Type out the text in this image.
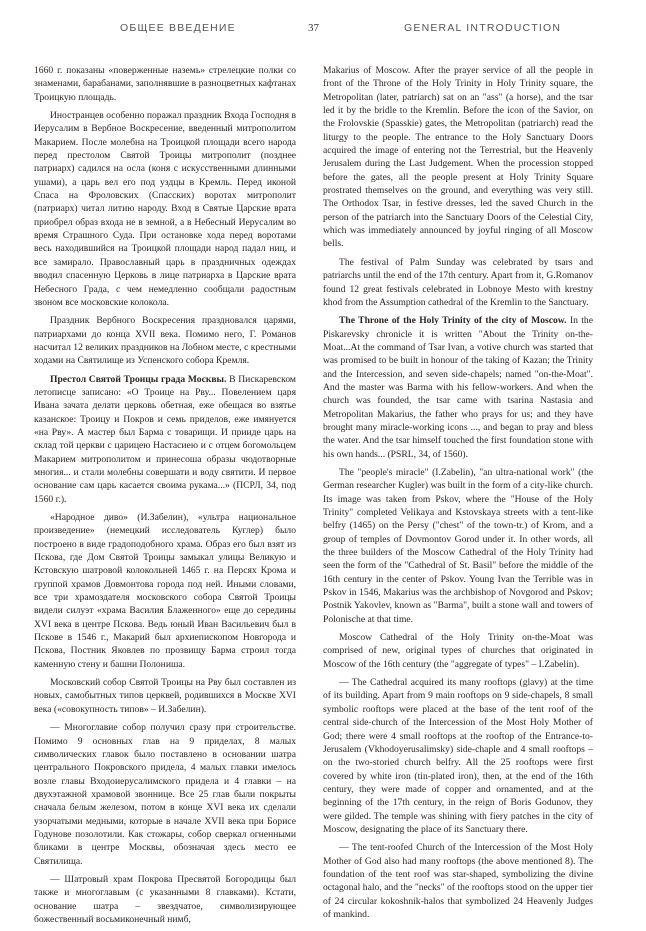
ОБЩЕЕ ВВЕДЕНИЕ	37	GENERAL INTRODUCTION

1660 г. показаны «поверженные наземь» стрелецкие полки со знаменами, барабанами, заполнявшие в разноцветных кафтанах Троицкую площадь.

Иностранцев особенно поражал праздник Входа Господня в Иерусалим в Вербное Воскресение, введенный митрополитом Макарием. После молебна на Троицкой площади всего народа перед престолом Святой Троицы митрополит (позднее патриарх) садился на осла (коня с искусственными длинными ушами), а царь вел его под уздцы в Кремль. Перед иконой Спаса на Фроловских (Спасских) воротах митрополит (патриарх) читал литию народу. Вход в Святые Царские врата приобрел образ входа не в земной, а в Небесный Иерусалим во время Страшного Суда. При остановке хода перед воротами весь находившийся на Троицкой площади народ падал ниц, и все замирало. Православный царь в праздничных одеждах вводил спасенную Церковь в лице патриарха в Царские врата Небесного Града, с чем немедленно сообщали радостным звоном все московские колокола.

Праздник Вербного Воскресения праздновался царями, патриархами до конца XVII века. Помимо него, Г. Романов насчитал 12 великих праздников на Лобном месте, с крестными ходами на Святилище из Успенского собора Кремля.

Престол Святой Троицы града Москвы. В Пискаревском летописце записано: «О Троице на Рву... Повелением царя Ивана зачата делати церковь обетная, еже обещася во взятье казанское: Троицу и Покров и семь приделов, еже имянуется «на Рву». А мастер был Барма с товарищи. И прииде царь на склад той церкви с царицею Настасиею и с отцем богомольцем Макарием митрополитом и принесоша образы чюдотворные многия... и стали молебны совершати и воду святити. И первое основание сам царь касается своима рукама...» (ПСРЛ, 34, под 1560 г.).

«Народное диво» (И.Забелин), «ультра национальное произведение» (немецкий исследователь Куглер) было построено в виде градоподобного храма. Образ его был взят из Пскова, где Дом Святой Троицы замыкал улицы Великую и Кстовскую шатровой колокольней 1465 г. на Персях Крома и группой храмов Довмонтова города под ней. Иными словами, все три храмоздателя московского собора Святой Троицы видели силуэт «храма Василия Блаженного» еще до середины XVI века в центре Пскова. Ведь юный Иван Васильевич был в Пскове в 1546 г., Макарий был архиепископом Новгорода и Пскова, Постник Яковлев по прозвищу Барма строил тогда каменную стену и башни Полониша.

Московский собор Святой Троицы на Рву был составлен из новых, самобытных типов церквей, родившихся в Москве XVI века («совокупность типов» – И.Забелин).

— Многоглавие собор получил сразу при строительстве. Помимо 9 основных глав на 9 приделах, 8 малых символических главок было поставлено в основании шатра центрального Покровского придела, 4 малых главки имелось возле главы Входоиерусалимского придела и 4 главки – на двухэтажной храмовой звоннице. Все 25 глав были покрыты сначала белым железом, потом в конце XVI века их сделали узорчатыми медными, которые в начале XVII века при Борисе Годунове позолотили. Как стожары, собор сверкал огненными бликами в центре Москвы, обозначая здесь место ее Святилища.

— Шатровый храм Покрова Пресвятой Богородицы был также и многоглавым (с указанными 8 главками). Кстати, основание шатра – звездчатое, символизирующее божественный восьмиконечный нимб,

Makarius of Moscow. After the prayer service of all the people in front of the Throne of the Holy Trinity in Holy Trinity square, the Metropolitan (later, patriarch) sat on an "ass" (a horse), and the tsar led it by the bridle to the Kremlin. Before the icon of the Savior, on the Frolovskie (Spasskie) gates, the Metropolitan (patriarch) read the liturgy to the people. The entrance to the Holy Sanctuary Doors acquired the image of entering not the Terrestrial, but the Heavenly Jerusalem during the Last Judgement. When the procession stopped before the gates, all the people present at Holy Trinity Square prostrated themselves on the ground, and everything was very still. The Orthodox Tsar, in festive dresses, led the saved Church in the person of the patriarch into the Sanctuary Doors of the Celestial City, which was immediately announced by joyful ringing of all Moscow bells.

The festival of Palm Sunday was celebrated by tsars and patriarchs until the end of the 17th century. Apart from it, G.Romanov found 12 great festivals celebrated in Lobnoye Mesto with krestny khod from the Assumption cathedral of the Kremlin to the Sanctuary.

The Throne of the Holy Trinity of the city of Moscow. In the Piskarevsky chronicle it is written "About the Trinity on-the-Moat...At the command of Tsar Ivan, a votive church was started that was promised to be built in honour of the taking of Kazan; the Trinity and the Intercession, and seven side-chapels; named "on-the-Moat". And the master was Barma with his fellow-workers. And when the church was founded, the tsar came with tsarina Nastasia and Metropolitan Makarius, the father who prays for us; and they have brought many miracle-working icons ..., and began to pray and bless the water. And the tsar himself touched the first foundation stone with his own hands... (PSRL, 34, of 1560).

The "people's miracle" (I.Zabelin), "an ultra-national work" (the German researcher Kugler) was built in the form of a city-like church. Its image was taken from Pskov, where the "House of the Holy Trinity" completed Velikaya and Kstovskaya streets with a tent-like belfry (1465) on the Persy ("chest" of the town-tr.) of Krom, and a group of temples of Dovmontov Gorod under it. In other words, all the three builders of the Moscow Cathedral of the Holy Trinity had seen the form of the "Cathedral of St. Basil" before the middle of the 16th century in the center of Pskov. Young Ivan the Terrible was in Pskov in 1546, Makarius was the archbishop of Novgorod and Pskov; Postnik Yakovlev, known as "Barma", built a stone wall and towers of Polonische at that time.

Moscow Cathedral of the Holy Trinity on-the-Moat was comprised of new, original types of churches that originated in Moscow of the 16th century (the "aggregate of types" – I.Zabelin).

— The Cathedral acquired its many rooftops (glavy) at the time of its building. Apart from 9 main rooftops on 9 side-chapels, 8 small symbolic rooftops were placed at the base of the tent roof of the central side-church of the Intercession of the Most Holy Mother of God; there were 4 small rooftops at the rooftop of the Entrance-to-Jerusalem (Vkhodoyerusalimsky) side-chaple and 4 small rooftops – on the two-storied church belfry. All the 25 rooftops were first covered by white iron (tin-plated iron), then, at the end of the 16th century, they were made of copper and ornamented, and at the beginning of the 17th century, in the reign of Boris Godunov, they were gilded. The temple was shining with fiery patches in the city of Moscow, designating the place of its Sanctuary there.

— The tent-roofed Church of the Intercession of the Most Holy Mother of God also had many rooftops (the above mentioned 8). The foundation of the tent roof was star-shaped, symbolizing the divine octagonal halo, and the "necks" of the rooftops stood on the upper tier of 24 circular kokoshnik-halos that symbolized 24 Heavenly Judges of mankind.
